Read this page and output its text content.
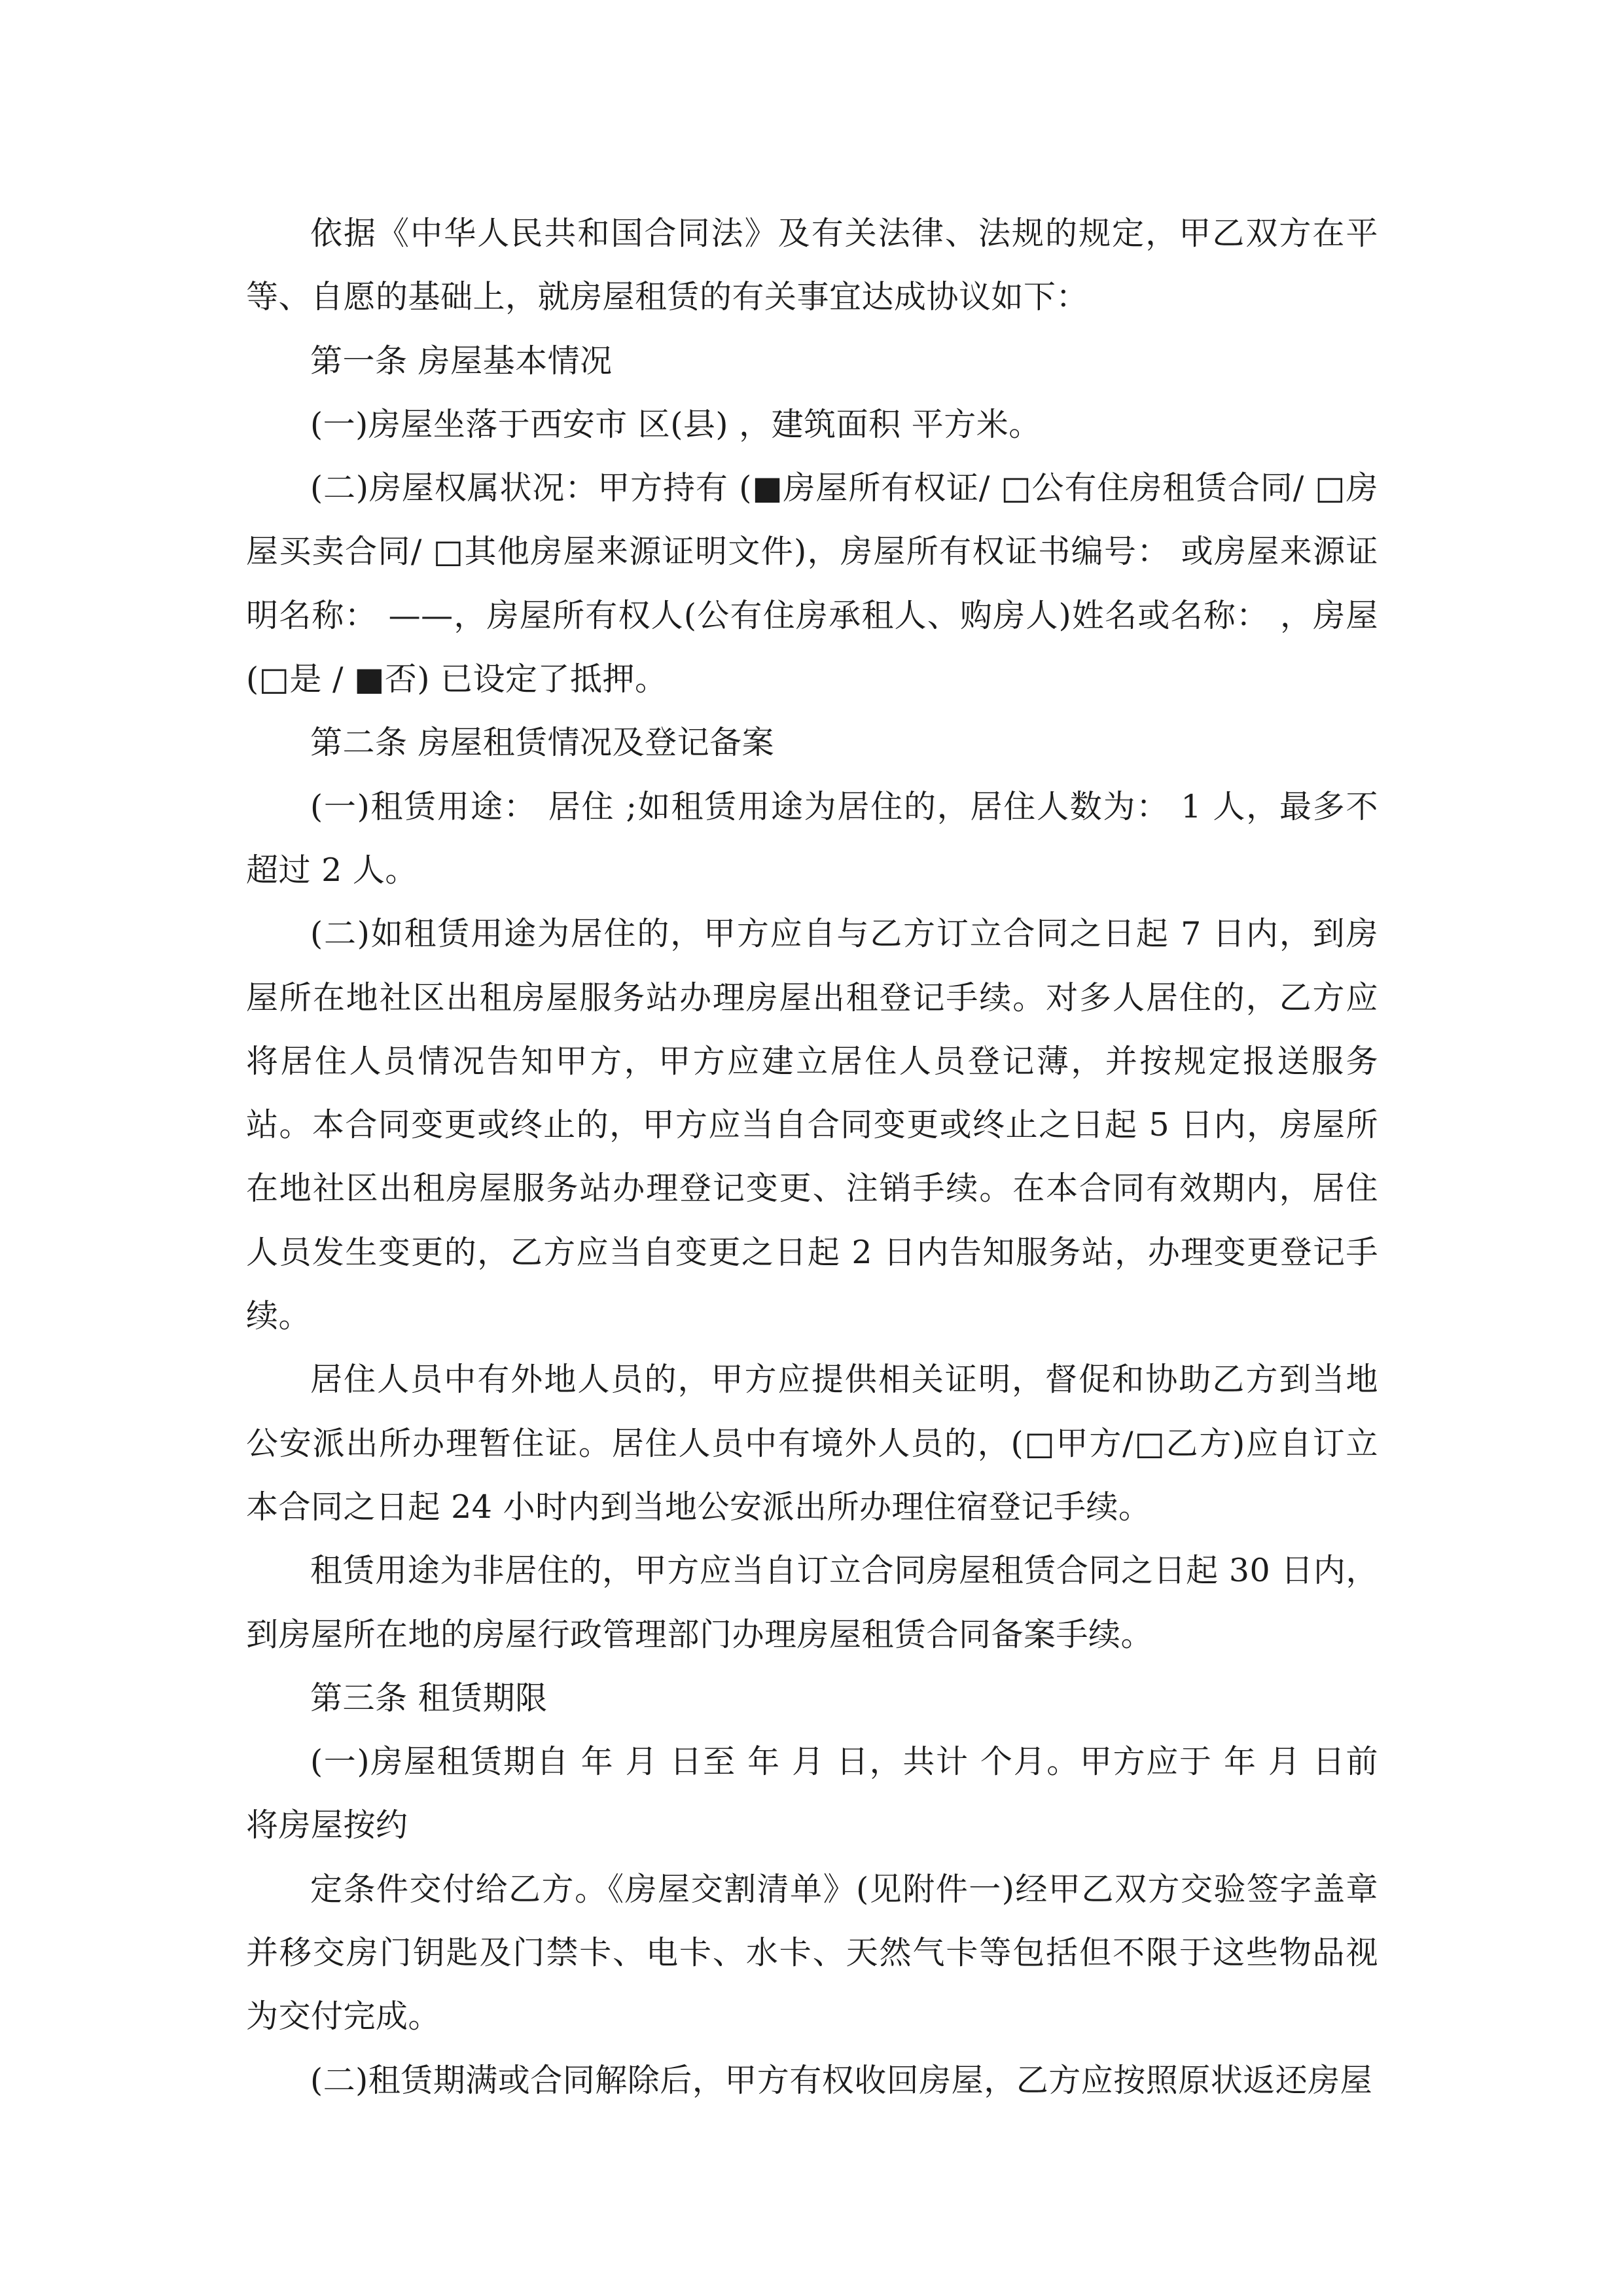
依据《中华人民共和国合同法》及有关法律、法规的规定，甲乙双方在平等、自愿的基础上，就房屋租赁的有关事宜达成协议如下：

第一条 房屋基本情况

(一)房屋坐落于西安市 区(县) ，建筑面积 平方米。

(二)房屋权属状况：甲方持有 (■房屋所有权证/ □公有住房租赁合同/ □房屋买卖合同/ □其他房屋来源证明文件)，房屋所有权证书编号： 或房屋来源证明名称： ——，房屋所有权人(公有住房承租人、购房人)姓名或名称： ，房屋(□是 / ■否) 已设定了抵押。

第二条 房屋租赁情况及登记备案

(一)租赁用途： 居住 ;如租赁用途为居住的，居住人数为： 1 人，最多不超过 2 人。

(二)如租赁用途为居住的，甲方应自与乙方订立合同之日起 7 日内，到房屋所在地社区出租房屋服务站办理房屋出租登记手续。对多人居住的，乙方应将居住人员情况告知甲方，甲方应建立居住人员登记薄，并按规定报送服务站。本合同变更或终止的，甲方应当自合同变更或终止之日起 5 日内，房屋所在地社区出租房屋服务站办理登记变更、注销手续。在本合同有效期内，居住人员发生变更的，乙方应当自变更之日起 2 日内告知服务站，办理变更登记手续。

居住人员中有外地人员的，甲方应提供相关证明，督促和协助乙方到当地公安派出所办理暂住证。居住人员中有境外人员的，(□甲方/□乙方)应自订立本合同之日起 24 小时内到当地公安派出所办理住宿登记手续。

租赁用途为非居住的，甲方应当自订立合同房屋租赁合同之日起 30 日内，到房屋所在地的房屋行政管理部门办理房屋租赁合同备案手续。

第三条 租赁期限

(一)房屋租赁期自 年 月 日至 年 月 日，共计 个月。甲方应于 年 月 日前将房屋按约

定条件交付给乙方。《房屋交割清单》(见附件一)经甲乙双方交验签字盖章并移交房门钥匙及门禁卡、电卡、水卡、天然气卡等包括但不限于这些物品视为交付完成。

(二)租赁期满或合同解除后，甲方有权收回房屋，乙方应按照原状返还房屋
